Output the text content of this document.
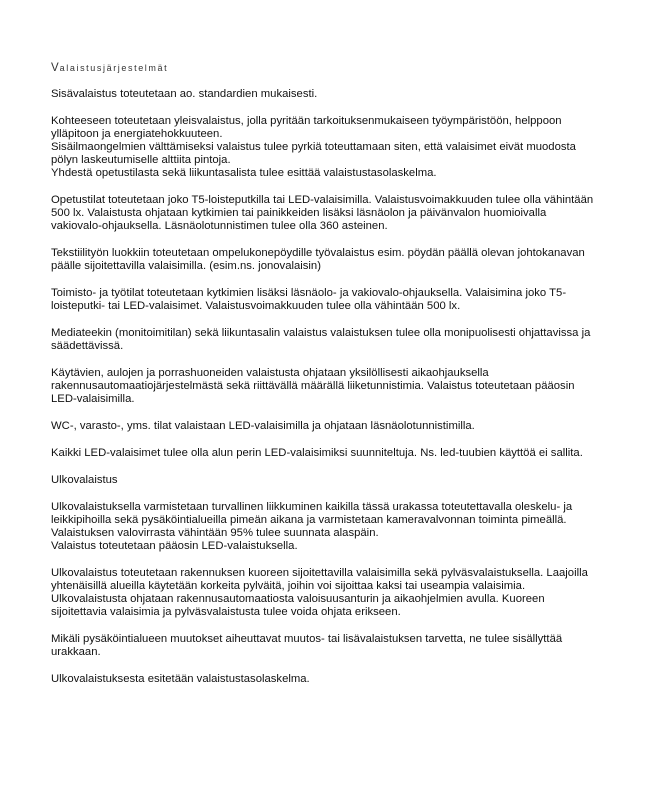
Valaistusjärjestelmät
Sisävalaistus toteutetaan ao. standardien mukaisesti.
Kohteeseen toteutetaan yleisvalaistus, jolla pyritään tarkoituksenmukaiseen työympäristöön, helppoon
ylläpitoon ja energiatehokkuuteen.
Sisäilmaongelmien välttämiseksi valaistus tulee pyrkiä toteuttamaan siten, että valaisimet eivät muodosta
pölyn laskeutumiselle alttiita pintoja.
Yhdestä opetustilasta sekä liikuntasalista tulee esittää valaistustasolaskelma.
Opetustilat toteutetaan joko T5-loisteputkilla tai LED-valaisimilla. Valaistusvoimakkuuden tulee olla vähintään
500 lx. Valaistusta ohjataan kytkimien tai painikkeiden lisäksi läsnäolon ja päivänvalon huomioivalla
vakiovalo-ohjauksella. Läsnäolotunnistimen tulee olla 360 asteinen.
Tekstiilityön luokkiin toteutetaan ompelukonepöydille työvalaistus esim. pöydän päällä olevan johtokanavan
päälle sijoitettavilla valaisimilla. (esim.ns. jonovalaisin)
Toimisto- ja työtilat toteutetaan kytkimien lisäksi läsnäolo- ja vakiovalo-ohjauksella. Valaisimina joko T5-
loisteputki- tai LED-valaisimet. Valaistusvoimakkuuden tulee olla vähintään 500 lx.
Mediateekin (monitoimitilan) sekä liikuntasalin valaistus valaistuksen tulee olla monipuolisesti ohjattavissa ja
säädettävissä.
Käytävien, aulojen ja porrashuoneiden valaistusta ohjataan yksilöllisesti aikaohjauksella
rakennusautomaatiojärjestelmästä sekä riittävällä määrällä liiketunnistimia. Valaistus toteutetaan pääosin
LED-valaisimilla.
WC-, varasto-, yms. tilat valaistaan LED-valaisimilla ja ohjataan läsnäolotunnistimilla.
Kaikki LED-valaisimet tulee olla alun perin LED-valaisimiksi suunniteltuja. Ns. led-tuubien käyttöä ei sallita.
Ulkovalaistus
Ulkovalaistuksella varmistetaan turvallinen liikkuminen kaikilla tässä urakassa toteutettavalla oleskelu- ja
leikkipihoilla sekä pysäköintialueilla pimeän aikana ja varmistetaan kameravalvonnan toiminta pimeällä.
Valaistuksen valovirrasta vähintään 95% tulee suunnata alaspäin.
Valaistus toteutetaan pääosin LED-valaistuksella.
Ulkovalaistus toteutetaan rakennuksen kuoreen sijoitettavilla valaisimilla sekä pylväsvalaistuksella. Laajoilla
yhtenäisillä alueilla käytetään korkeita pylväitä, joihin voi sijoittaa kaksi tai useampia valaisimia.
Ulkovalaistusta ohjataan rakennusautomaatiosta valoisuusanturin ja aikaohjelmien avulla. Kuoreen
sijoitettavia valaisimia ja pylväsvalaistusta tulee voida ohjata erikseen.
Mikäli pysäköintialueen muutokset aiheuttavat muutos- tai lisävalaistuksen tarvetta, ne tulee sisällyttää
urakkaan.
Ulkovalaistuksesta esitetään valaistustasolaskelma.
